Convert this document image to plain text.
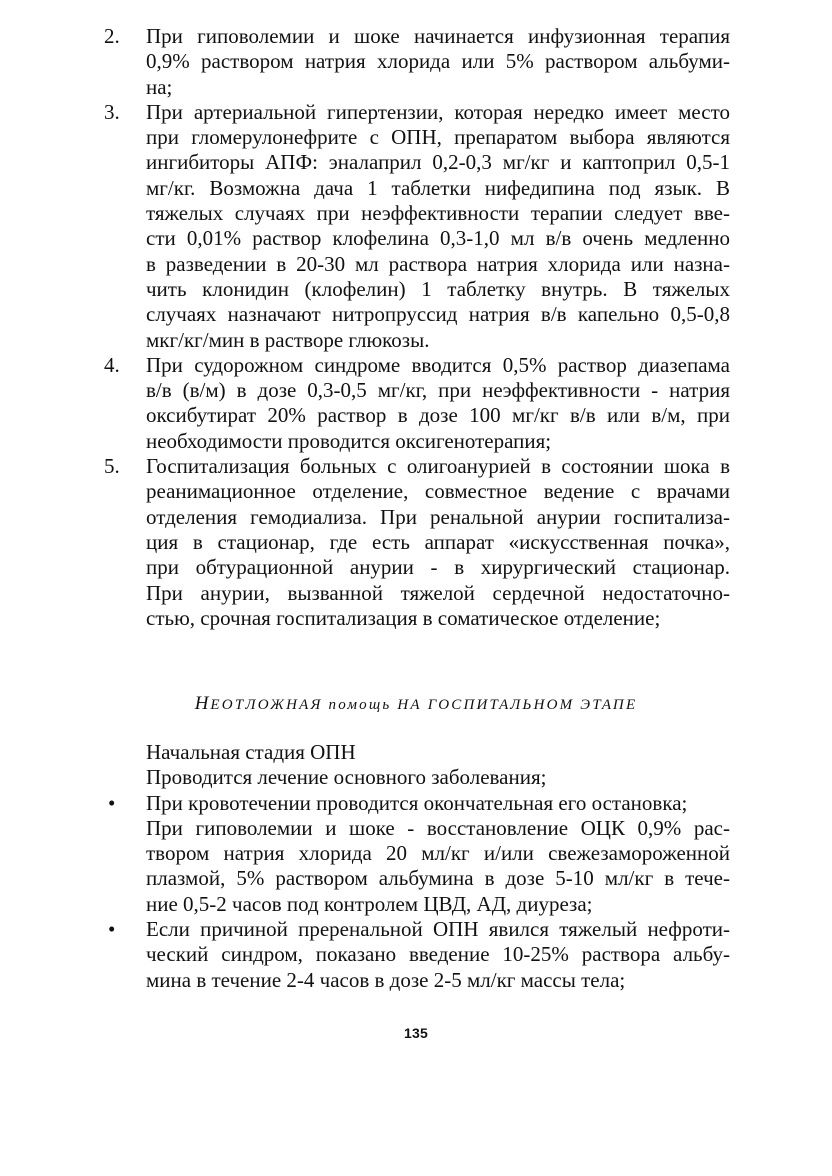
2. При гиповолемии и шоке начинается инфузионная терапия
0,9% раствором натрия хлорида или 5% раствором альбуми-
на;
3. При артериальной гипертензии, которая нередко имеет место
при гломерулонефрите с ОПН, препаратом выбора являются
ингибиторы АПФ: эналаприл 0,2-0,3 мг/кг и каптоприл 0,5-1
мг/кг. Возможна дача 1 таблетки нифедипина под язык. В
тяжелых случаях при неэффективности терапии следует вве-
сти 0,01% раствор клофелина 0,3-1,0 мл в/в очень медленно
в разведении в 20-30 мл раствора натрия хлорида или назна-
чить клонидин (клофелин) 1 таблетку внутрь. В тяжелых
случаях назначают нитропруссид натрия в/в капельно 0,5-0,8
мкг/кг/мин в растворе глюкозы.
4. При судорожном синдроме вводится 0,5% раствор диазепама
в/в (в/м) в дозе 0,3-0,5 мг/кг, при неэффективности - натрия
оксибутират 20% раствор в дозе 100 мг/кг в/в или в/м, при
необходимости проводится оксигенотерапия;
5. Госпитализация больных с олигоанурией в состоянии шока в
реанимационное отделение, совместное ведение с врачами
отделения гемодиализа. При ренальной анурии госпитализа-
ция в стационар, где есть аппарат «искусственная почка»,
при обтурационной анурии - в хирургический стационар.
При анурии, вызванной тяжелой сердечной недостаточно-
стью, срочная госпитализация в соматическое отделение;
НЕОТЛОЖНАЯ помощь НА ГОСПИТАЛЬНОМ ЭТАПЕ
Начальная стадия ОПН
Проводится лечение основного заболевания;
• При кровотечении проводится окончательная его остановка;
При гиповолемии и шоке - восстановление ОЦК 0,9% рас-
твором натрия хлорида 20 мл/кг и/или свежезамороженной
плазмой, 5% раствором альбумина в дозе 5-10 мл/кг в тече-
ние 0,5-2 часов под контролем ЦВД, АД, диуреза;
• Если причиной преренальной ОПН явился тяжелый нефроти-
ческий синдром, показано введение 10-25% раствора альбу-
мина в течение 2-4 часов в дозе 2-5 мл/кг массы тела;
135
